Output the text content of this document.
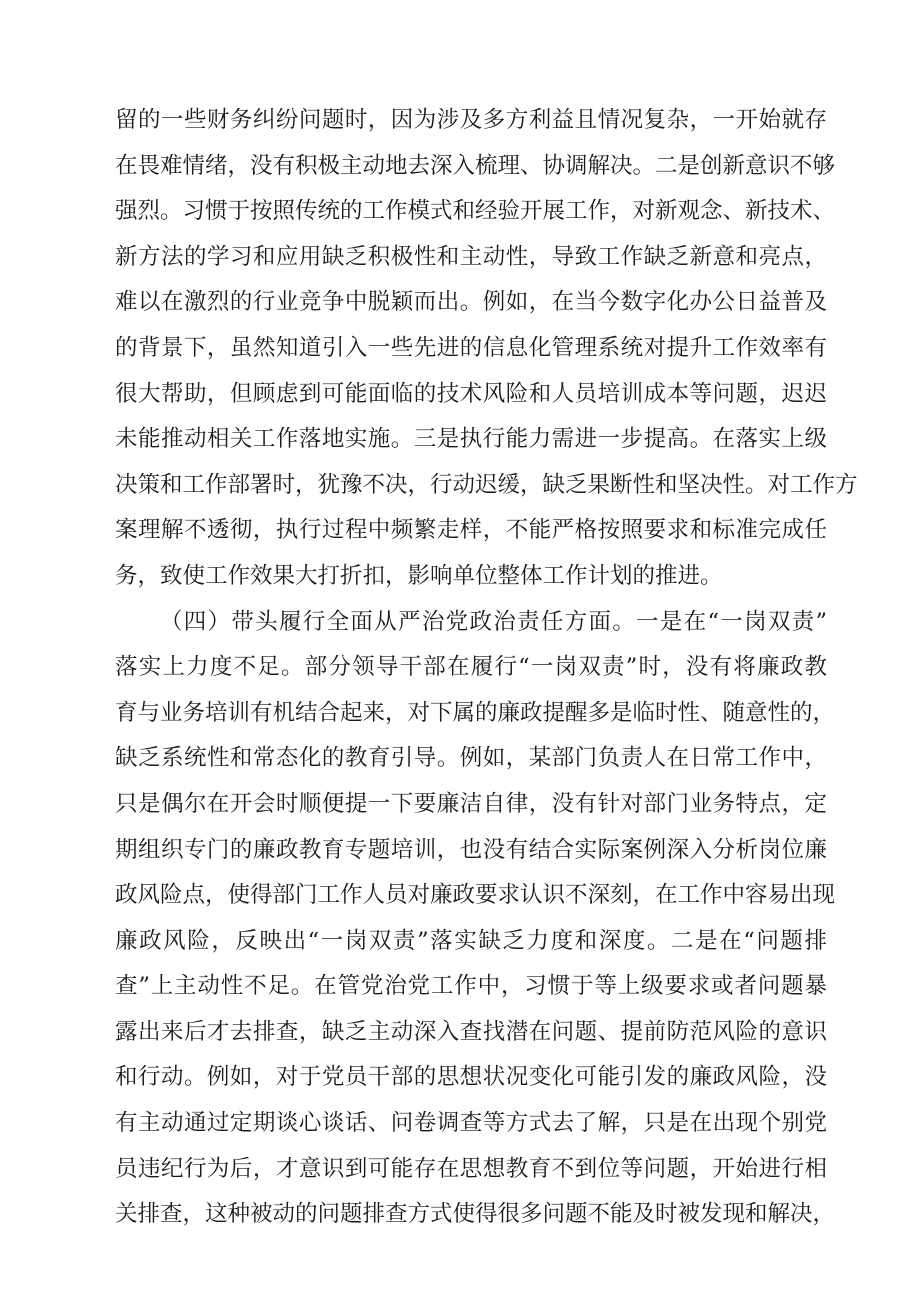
留的一些财务纠纷问题时，因为涉及多方利益且情况复杂，一开始就存
在畏难情绪，没有积极主动地去深入梳理、协调解决。二是创新意识不够
强烈。习惯于按照传统的工作模式和经验开展工作，对新观念、新技术、
新方法的学习和应用缺乏积极性和主动性，导致工作缺乏新意和亮点，
难以在激烈的行业竞争中脱颖而出。例如，在当今数字化办公日益普及
的背景下，虽然知道引入一些先进的信息化管理系统对提升工作效率有
很大帮助，但顾虑到可能面临的技术风险和人员培训成本等问题，迟迟
未能推动相关工作落地实施。三是执行能力需进一步提高。在落实上级
决策和工作部署时，犹豫不决，行动迟缓，缺乏果断性和坚决性。对工作方
案理解不透彻，执行过程中频繁走样，不能严格按照要求和标准完成任
务，致使工作效果大打折扣，影响单位整体工作计划的推进。
（四）带头履行全面从严治党政治责任方面。一是在“一岗双责”
落实上力度不足。部分领导干部在履行“一岗双责”时，没有将廉政教
育与业务培训有机结合起来，对下属的廉政提醒多是临时性、随意性的，
缺乏系统性和常态化的教育引导。例如，某部门负责人在日常工作中，
只是偶尔在开会时顺便提一下要廉洁自律，没有针对部门业务特点，定
期组织专门的廉政教育专题培训，也没有结合实际案例深入分析岗位廉
政风险点，使得部门工作人员对廉政要求认识不深刻，在工作中容易出现
廉政风险，反映出“一岗双责”落实缺乏力度和深度。二是在“问题排
查”上主动性不足。在管党治党工作中，习惯于等上级要求或者问题暴
露出来后才去排查，缺乏主动深入查找潜在问题、提前防范风险的意识
和行动。例如，对于党员干部的思想状况变化可能引发的廉政风险，没
有主动通过定期谈心谈话、问卷调查等方式去了解，只是在出现个别党
员违纪行为后，才意识到可能存在思想教育不到位等问题，开始进行相
关排查，这种被动的问题排查方式使得很多问题不能及时被发现和解决，
